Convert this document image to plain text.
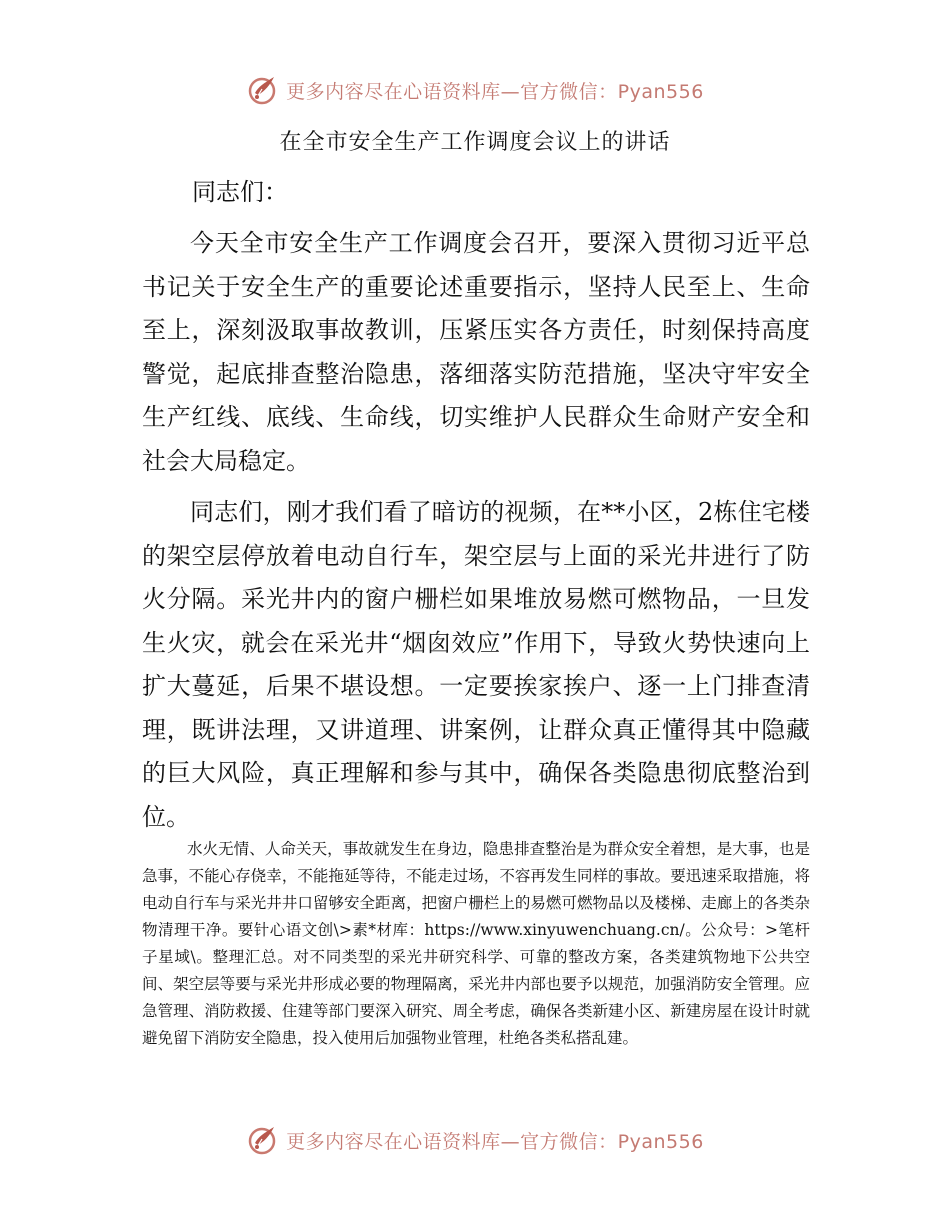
更多内容尽在心语资料库—官方微信：Pyan556
在全市安全生产工作调度会议上的讲话
同志们：

今天全市安全生产工作调度会召开，要深入贯彻习近平总书记关于安全生产的重要论述重要指示，坚持人民至上、生命至上，深刻汲取事故教训，压紧压实各方责任，时刻保持高度警觉，起底排查整治隐患，落细落实防范措施，坚决守牢安全生产红线、底线、生命线，切实维护人民群众生命财产安全和社会大局稳定。

同志们，刚才我们看了暗访的视频，在**小区，2栋住宅楼的架空层停放着电动自行车，架空层与上面的采光井进行了防火分隔。采光井内的窗户栅栏如果堆放易燃可燃物品，一旦发生火灾，就会在采光井“烟囱效应”作用下，导致火势快速向上扩大蔓延，后果不堪设想。一定要挨家挨户、逐一上门排查清理，既讲法理，又讲道理、讲案例，让群众真正懂得其中隐藏的巨大风险，真正理解和参与其中，确保各类隐患彻底整治到位。

水火无情、人命关天，事故就发生在身边，隐患排查整治是为群众安全着想，是大事，也是急事，不能心存侥幸，不能拖延等待，不能走过场，不容再发生同样的事故。要迅速采取措施，将电动自行车与采光井井口留够安全距离，把窗户栅栏上的易燃可燃物品以及楼梯、走廊上的各类杂物清理干净。要针心语文创\>素*材库：https://www.xinyuwenchuang.cn/。公众号：>笔杆子星域\。整理汇总。对不同类型的采光井研究科学、可靠的整改方案，各类建筑物地下公共空间、架空层等要与采光井形成必要的物理隔离，采光井内部也要予以规范，加强消防安全管理。应急管理、消防救援、住建等部门要深入研究、周全考虑，确保各类新建小区、新建房屋在设计时就避免留下消防安全隐患，投入使用后加强物业管理，杜绝各类私搭乱建。

更多内容尽在心语资料库—官方微信：Pyan556
